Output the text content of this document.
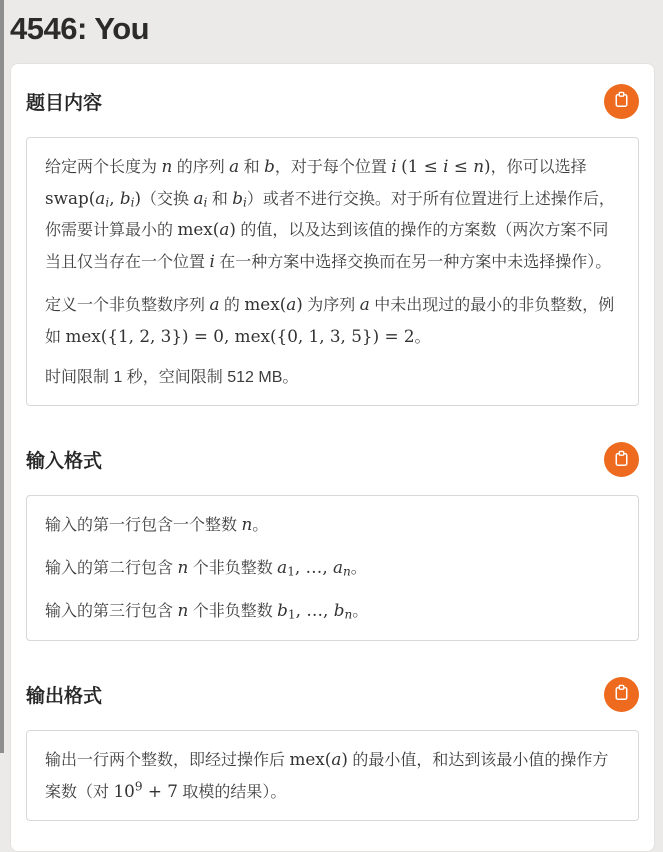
4546: You
题目内容

给定两个长度为 n 的序列 a 和 b，对于每个位置 i (1 ≤ i ≤ n)，你可以选择 swap(ai, bi)（交换 ai 和 bi）或者不进行交换。对于所有位置进行上述操作后，你需要计算最小的 mex(a) 的值，以及达到该值的操作的方案数（两次方案不同当且仅当存在一个位置 i 在一种方案中选择交换而在另一种方案中未选择操作）。

定义一个非负整数序列 a 的 mex(a) 为序列 a 中未出现过的最小的非负整数，例如 mex({1, 2, 3}) = 0, mex({0, 1, 3, 5}) = 2。

时间限制 1 秒，空间限制 512 MB。

输入格式

输入的第一行包含一个整数 n。

输入的第二行包含 n 个非负整数 a1, …, an。

输入的第三行包含 n 个非负整数 b1, …, bn。

输出格式

输出一行两个整数，即经过操作后 mex(a) 的最小值，和达到该最小值的操作方案数（对 $10^9 + 7$ 取模的结果）。
